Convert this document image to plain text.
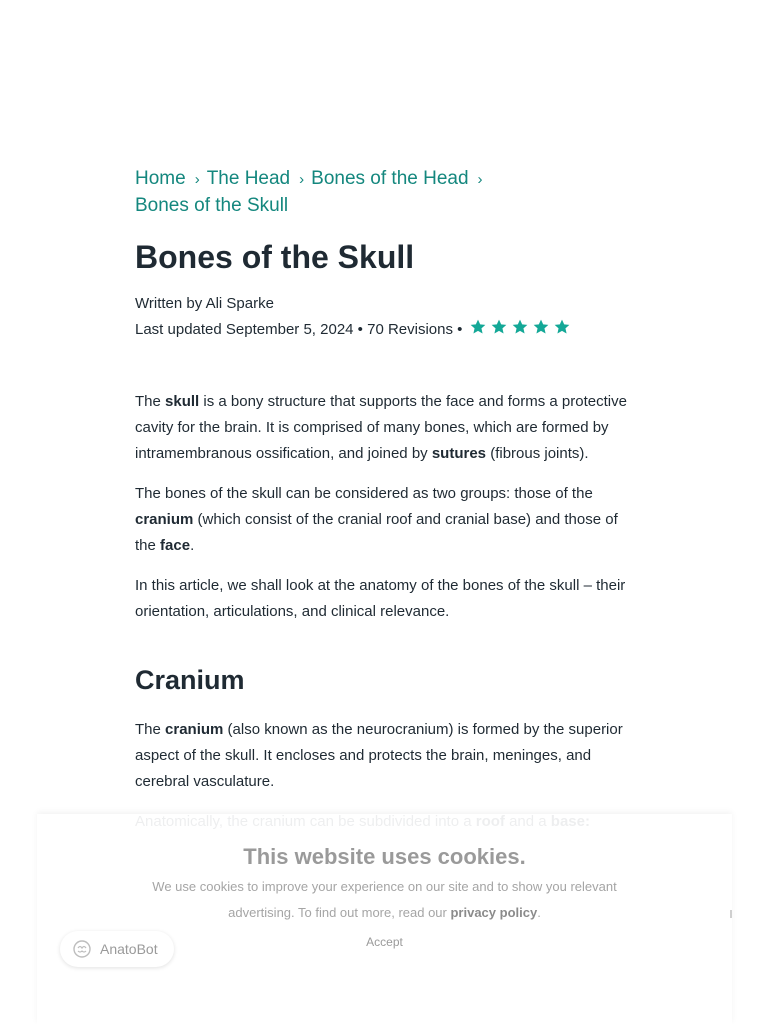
Home › The Head › Bones of the Head ›Bones of the Skull
Bones of the Skull
Written by Ali Sparke
Last updated September 5, 2024 • 70 Revisions •

The skull is a bony structure that supports the face and forms a protective cavity for the brain. It is comprised of many bones, which are formed by intramembranous ossification, and joined by sutures (fibrous joints).

The bones of the skull can be considered as two groups: those of the cranium (which consist of the cranial roof and cranial base) and those of the face.

In this article, we shall look at the anatomy of the bones of the skull – their orientation, articulations, and clinical relevance.

Cranium

The cranium (also known as the neurocranium) is formed by the superior aspect of the skull. It encloses and protects the brain, meninges, and cerebral vasculature.

This website uses cookies.
We use cookies to improve your experience on our site and to show you relevant advertising. To find out more, read our privacy policy.
Accept
AnatoBot
